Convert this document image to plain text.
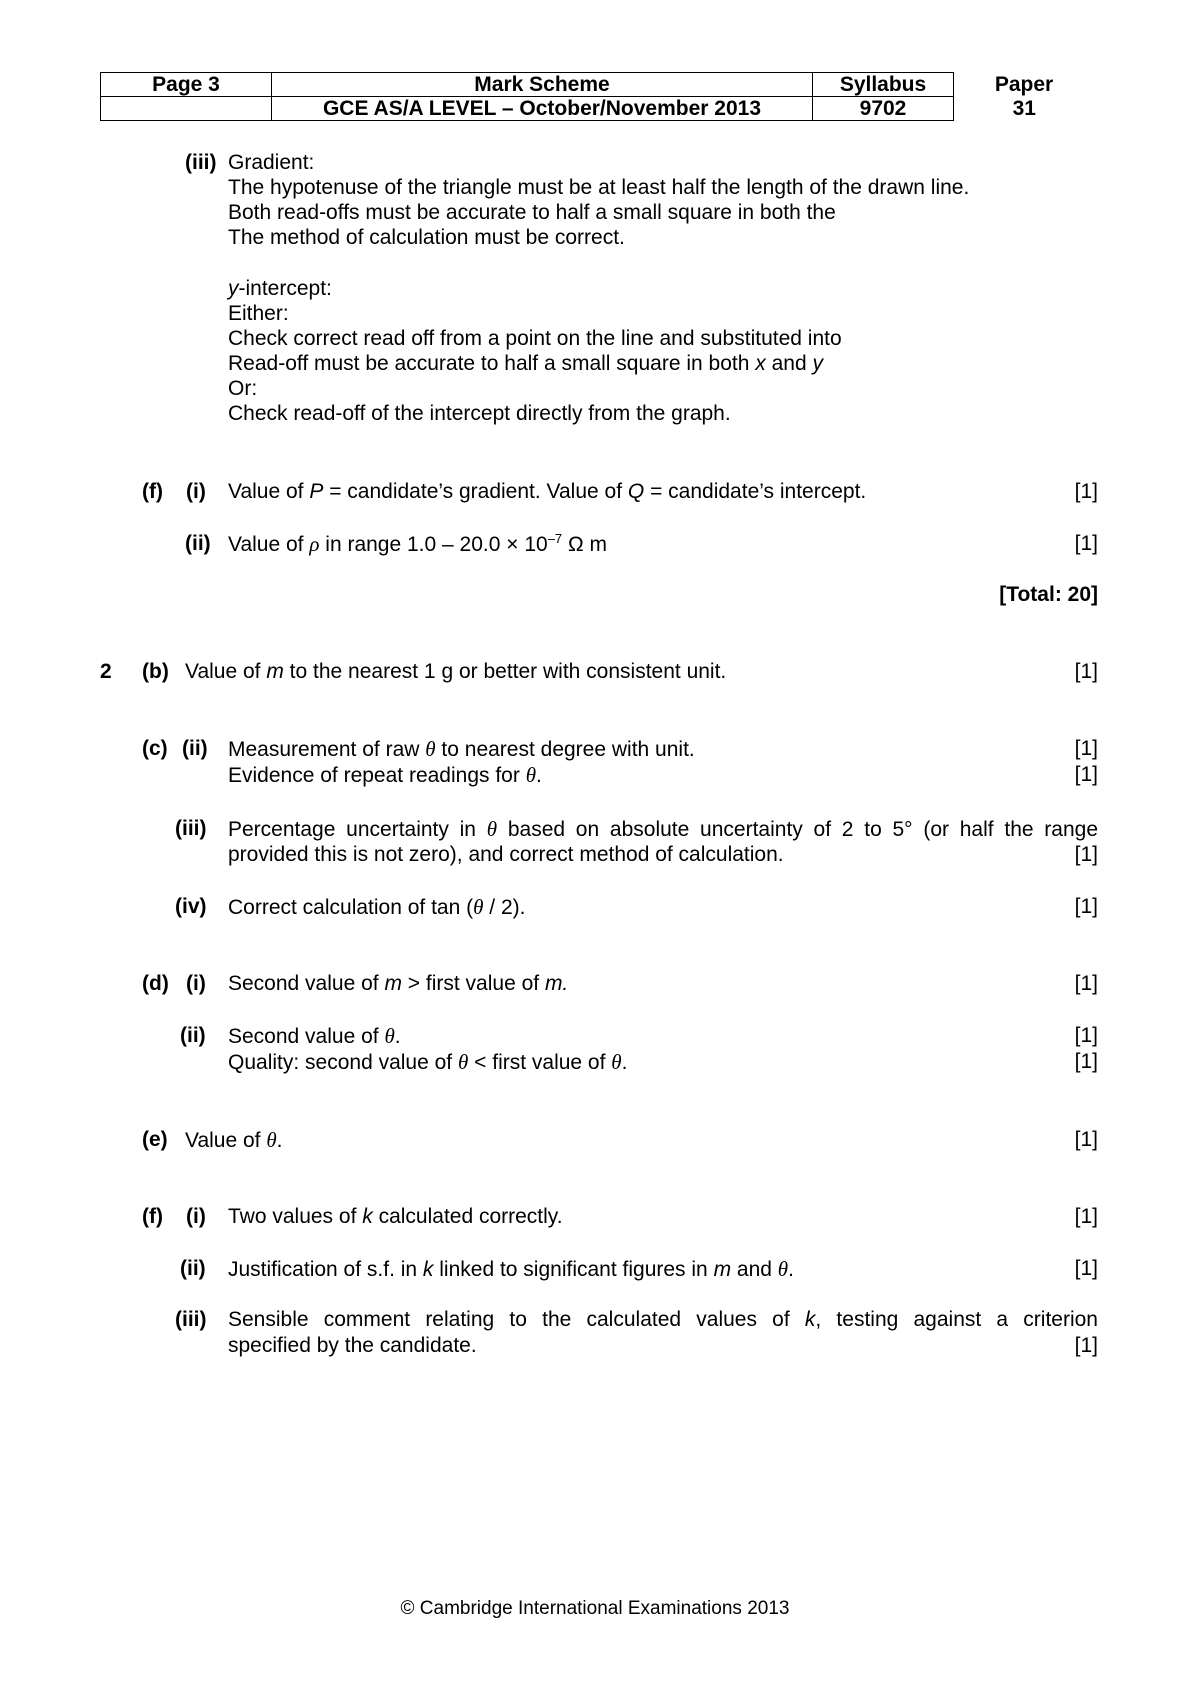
Page 3	Mark Scheme	Syllabus	Paper
	GCE AS/A LEVEL – October/November 2013	9702	31
(iii) Gradient:
The hypotenuse of the triangle must be at least half the length of the drawn line.
Both read-offs must be accurate to half a small square in both the
The method of calculation must be correct.
y-intercept:
Either:
Check correct read off from a point on the line and substituted into
Read-off must be accurate to half a small square in both x and y
Or:
Check read-off of the intercept directly from the graph.
(f) (i) Value of P = candidate’s gradient. Value of Q = candidate’s intercept.	[1]
(ii) Value of ρ in range $1.0 - 20.0 \times 10^{-7}$ Ω m	[1]
[Total: 20]
2 (b) Value of m to the nearest 1 g or better with consistent unit.	[1]
(c) (ii) Measurement of raw θ to nearest degree with unit.	[1]
Evidence of repeat readings for θ.	[1]
(iii) Percentage uncertainty in θ based on absolute uncertainty of 2 to 5° (or half the range
provided this is not zero), and correct method of calculation.	[1]
(iv) Correct calculation of tan (θ / 2).	[1]
(d) (i) Second value of m > first value of m.	[1]
(ii) Second value of θ.	[1]
Quality: second value of θ < first value of θ.	[1]
(e) Value of θ.	[1]
(f) (i) Two values of k calculated correctly.	[1]
(ii) Justification of s.f. in k linked to significant figures in m and θ.	[1]
(iii) Sensible comment relating to the calculated values of k, testing against a criterion
specified by the candidate.	[1]
© Cambridge International Examinations 2013
